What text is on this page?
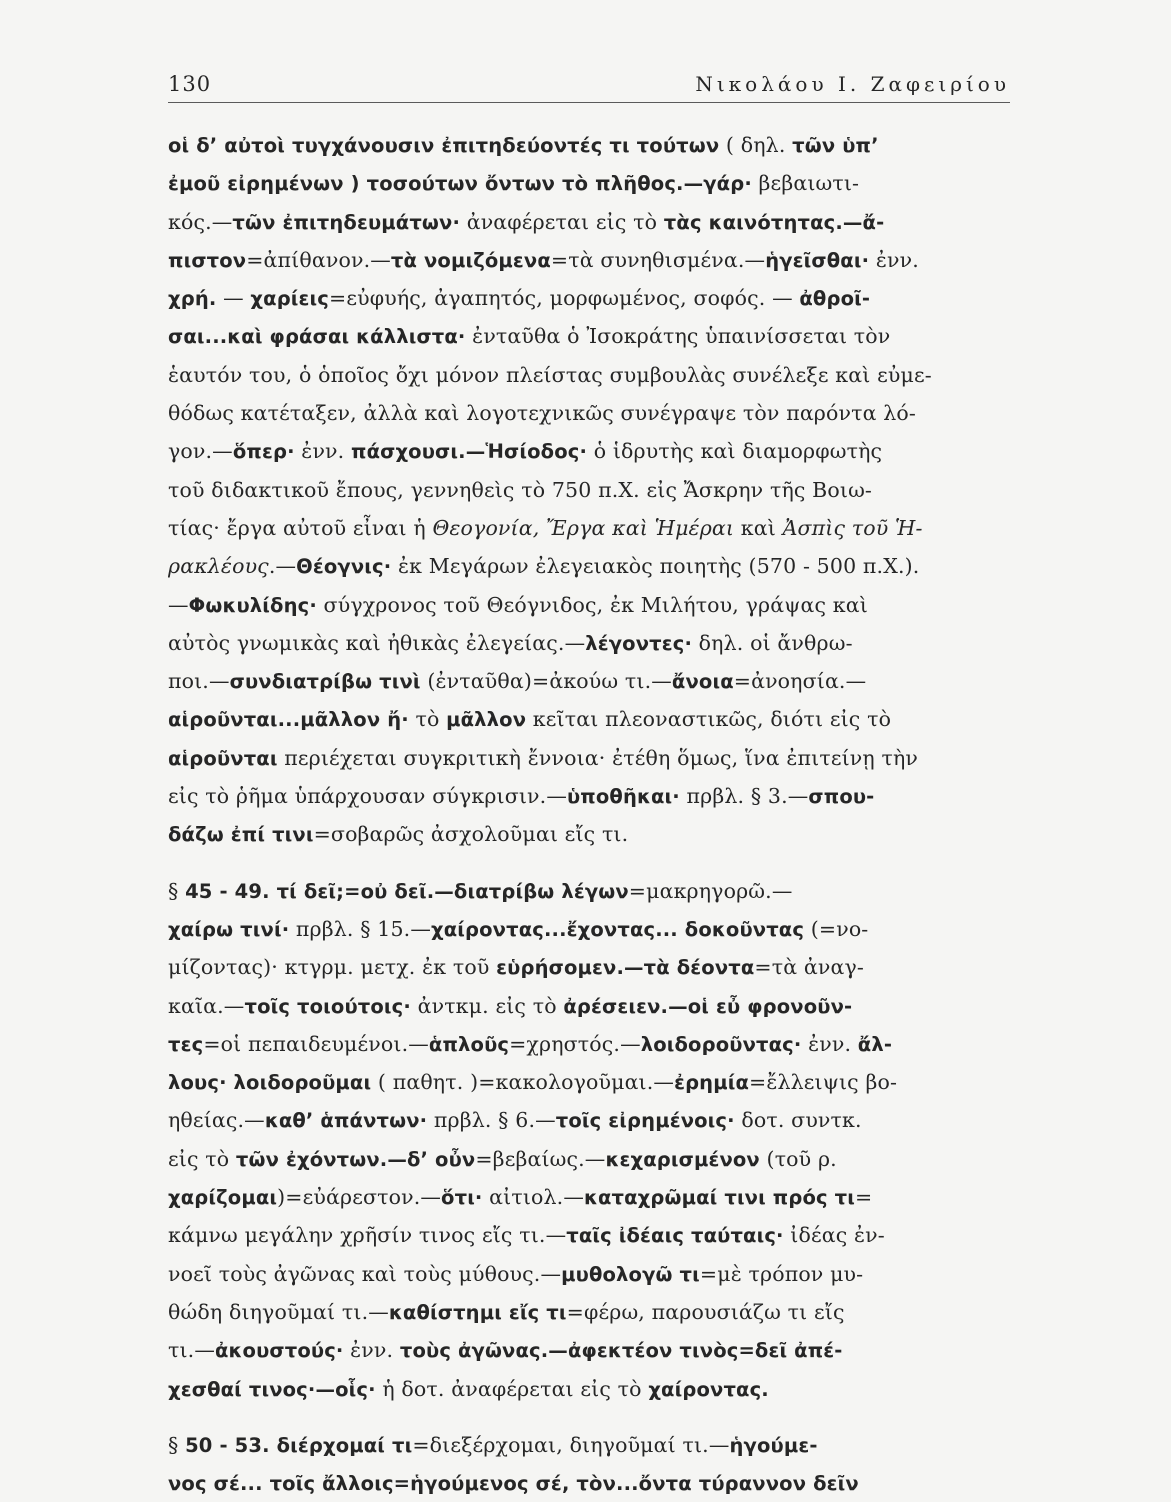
130	Νικολάου Ι. Ζαφειρίου
οἱ δ’ αὐτοὶ τυγχάνουσιν ἐπιτηδεύοντές τι τούτων ( δηλ. τῶν ὑπ’
ἐμοῦ εἰρημένων ) τοσούτων ὄντων τὸ πλῆθος.—γάρ· βεβαιωτι-
κός.—τῶν ἐπιτηδευμάτων· ἀναφέρεται εἰς τὸ τὰς καινότητας.—ἄ-
πιστον=ἀπίθανον.—τὰ νομιζόμενα=τὰ συνηθισμένα.—ἡγεῖσθαι· ἐνν.
χρή. — χαρίεις=εὐφυής, ἀγαπητός, μορφωμένος, σοφός. — ἀθροῖ-
σαι...καὶ φράσαι κάλλιστα· ἐνταῦθα ὁ Ἰσοκράτης ὑπαινίσσεται τὸν
ἑαυτόν του, ὁ ὁποῖος ὄχι μόνον πλείστας συμβουλὰς συνέλεξε καὶ εὐμε-
θόδως κατέταξεν, ἀλλὰ καὶ λογοτεχνικῶς συνέγραψε τὸν παρόντα λό-
γον.—ὅπερ· ἐνν. πάσχουσι.—Ἡσίοδος· ὁ ἱδρυτὴς καὶ διαμορφωτὴς
τοῦ διδακτικοῦ ἔπους, γεννηθεὶς τὸ 750 π.Χ. εἰς Ἄσκρην τῆς Βοιω-
τίας· ἔργα αὐτοῦ εἶναι ἡ Θεογονία, Ἔργα καὶ Ἡμέραι καὶ Ἀσπὶς τοῦ Ἡ-
ρακλέους.—Θέογνις· ἐκ Μεγάρων ἐλεγειακὸς ποιητὴς (570 - 500 π.Χ.).
—Φωκυλίδης· σύγχρονος τοῦ Θεόγνιδος, ἐκ Μιλήτου, γράψας καὶ
αὐτὸς γνωμικὰς καὶ ἠθικὰς ἐλεγείας.—λέγοντες· δηλ. οἱ ἄνθρω-
ποι.—συνδιατρίβω τινὶ (ἐνταῦθα)=ἀκούω τι.—ἄνοια=ἀνοησία.—
αἱροῦνται...μᾶλλον ἤ· τὸ μᾶλλον κεῖται πλεοναστικῶς, διότι εἰς τὸ
αἱροῦνται περιέχεται συγκριτικὴ ἔννοια· ἐτέθη ὅμως, ἵνα ἐπιτείνῃ τὴν
εἰς τὸ ῥῆμα ὑπάρχουσαν σύγκρισιν.—ὑποθῆκαι· πρβλ. § 3.—σπου-
δάζω ἐπί τινι=σοβαρῶς ἀσχολοῦμαι εἴς τι.
§ 45 - 49. τί δεῖ;=οὐ δεῖ.—διατρίβω λέγων=μακρηγορῶ.—
χαίρω τινί· πρβλ. § 15.—χαίροντας...ἔχοντας... δοκοῦντας (=νο-
μίζοντας)· κτγρμ. μετχ. ἐκ τοῦ εὑρήσομεν.—τὰ δέοντα=τὰ ἀναγ-
καῖα.—τοῖς τοιούτοις· ἀντκμ. εἰς τὸ ἀρέσειεν.—οἱ εὖ φρονοῦν-
τες=οἱ πεπαιδευμένοι.—ἁπλοῦς=χρηστός.—λοιδοροῦντας· ἐνν. ἄλ-
λους· λοιδοροῦμαι ( παθητ. )=κακολογοῦμαι.—ἐρημία=ἔλλειψις βο-
ηθείας.—καθ’ ἁπάντων· πρβλ. § 6.—τοῖς εἰρημένοις· δοτ. συντκ.
εἰς τὸ τῶν ἐχόντων.—δ’ οὖν=βεβαίως.—κεχαρισμένον (τοῦ ρ.
χαρίζομαι)=εὐάρεστον.—ὅτι· αἰτιολ.—καταχρῶμαί τινι πρός τι=
κάμνω μεγάλην χρῆσίν τινος εἴς τι.—ταῖς ἰδέαις ταύταις· ἰδέας ἐν-
νοεῖ τοὺς ἀγῶνας καὶ τοὺς μύθους.—μυθολογῶ τι=μὲ τρόπον μυ-
θώδη διηγοῦμαί τι.—καθίστημι εἴς τι=φέρω, παρουσιάζω τι εἴς
τι.—ἀκουστούς· ἐνν. τοὺς ἀγῶνας.—ἀφεκτέον τινὸς=δεῖ ἀπέ-
χεσθαί τινος·—οἷς· ἡ δοτ. ἀναφέρεται εἰς τὸ χαίροντας.
§ 50 - 53. διέρχομαί τι=διεξέρχομαι, διηγοῦμαί τι.—ἡγούμε-
νος σέ... τοῖς ἄλλοις=ἡγούμενος σέ, τὸν...ὄντα τύραννον δεῖν
